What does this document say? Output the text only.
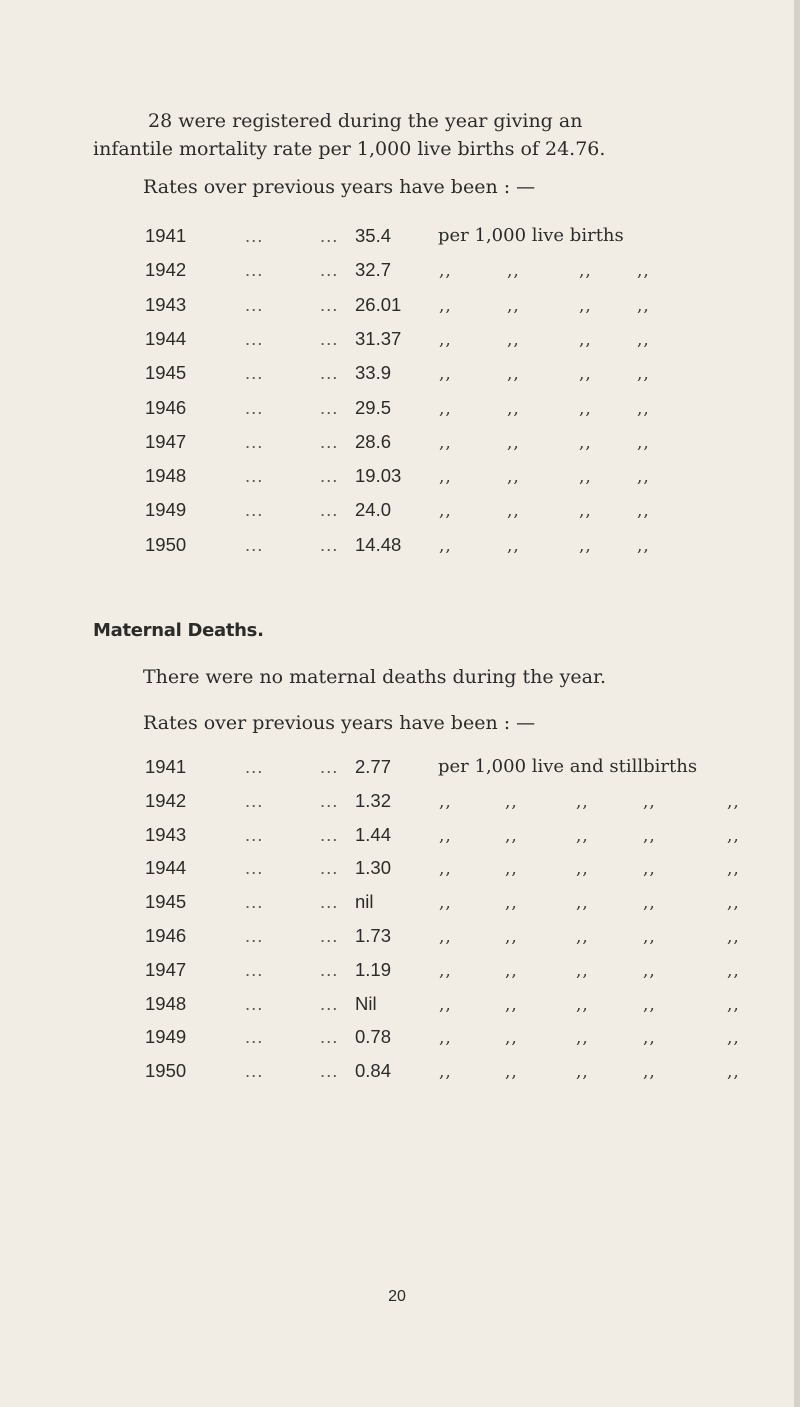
28 were registered during the year giving an

infantile mortality rate per 1,000 live births of 24.76.

Rates over previous years have been : —
1941	...	... 35.4	per 1,000 live births
1942	...	... 32.7	,,	,,	,,	,,
1943	...	... 26.01 ,,	,,	,,	,,
1944	...	... 31.37 ,,	,,	,,	,,
1945	...	... 33.9	,,	,,	,,	,,
1946	...	... 29.5	,,	,,	,,	,,
1947	...	... 28.6	,,	,,	,,	,,
1948	...	... 19.03 ,,	,,	,,	,,
1949	...	... 24.0	,,	,,	,,	,,
1950	...	... 14.48 ,,	,,	,,	,,
Maternal Deaths.
There were no maternal deaths during the year.
Rates over previous years have been : —
1941	...	... 2.77	per 1,000 live and stillbirths
1942	...	... 1.32	,,	,,	,,	,,	,,
1943	...	... 1.44	,,	,,	,,	,,	,,
1944	...	... 1.30	,,	,,	,,	,,	,,
1945	...	... nil	,,	,,	,,	,,	,,
1946	...	... 1.73	,,	,,	,,	,,	,,
1947	...	... 1.19	,,	,,	,,	,,	,,
1948	...	... Nil	,,	,,	,,	,,	,,
1949	...	... 0.78	,,	,,	,,	,,	,,
1950	...	... 0.84	,,	,,	,,	,,	,,
20
